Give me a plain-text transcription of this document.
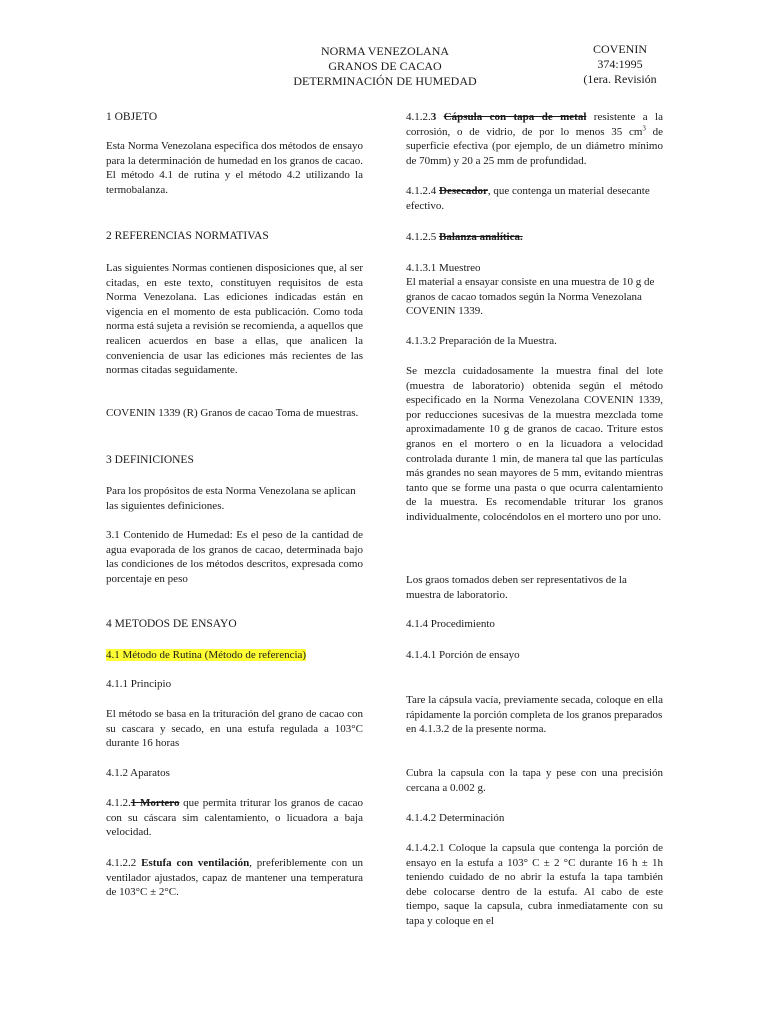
NORMA VENEZOLANA
GRANOS DE CACAO
DETERMINACIÓN DE HUMEDAD
COVENIN
374:1995
(1era. Revisión
1 OBJETO
Esta Norma Venezolana especifica dos métodos de ensayo para la determinación de humedad en los granos de cacao. El método 4.1 de rutina y el método 4.2 utilizando la termobalanza.
2 REFERENCIAS NORMATIVAS
Las siguientes Normas contienen disposiciones que, al ser citadas, en este texto, constituyen requisitos de esta Norma Venezolana. Las ediciones indicadas están en vigencia en el momento de esta publicación. Como toda norma está sujeta a revisión se recomienda, a aquellos que realicen acuerdos en base a ellas, que analicen la conveniencia de usar las ediciones más recientes de las normas citadas seguidamente.
COVENIN 1339 (R) Granos de cacao Toma de muestras.
3 DEFINICIONES
Para los propósitos de esta Norma Venezolana se aplican las siguientes definiciones.
3.1 Contenido de Humedad: Es el peso de la cantidad de agua evaporada de los granos de cacao, determinada bajo las condiciones de los métodos descritos, expresada como porcentaje en peso
4 METODOS DE ENSAYO
4.1 Método de Rutina (Método de referencia)
4.1.1 Principio
El método se basa en la trituración del grano de cacao con su cascara y secado, en una estufa regulada a 103°C durante 16 horas
4.1.2 Aparatos
4.1.2.1 Mortero que permita triturar los granos de cacao con su cáscara sim calentamiento, o licuadora a baja velocidad.
4.1.2.2 Estufa con ventilación, preferiblemente con un ventilador ajustados, capaz de mantener una temperatura de 103°C ± 2°C.
4.1.2.3 Cápsula con tapa de metal resistente a la corrosión, o de vidrio, de por lo menos 35 $cm^3$ de superficie efectiva (por ejemplo, de un diámetro mínimo de 70mm) y 20 a 25 mm de profundidad.
4.1.2.4 Desecador, que contenga un material desecante efectivo.
4.1.2.5 Balanza analítica.
4.1.3.1 Muestreo
El material a ensayar consiste en una muestra de 10 g de granos de cacao tomados según la Norma Venezolana COVENIN 1339.
4.1.3.2 Preparación de la Muestra.
Se mezcla cuidadosamente la muestra final del lote (muestra de laboratorio) obtenida según el método especificado en la Norma Venezolana COVENIN 1339, por reducciones sucesivas de la muestra mezclada tome aproximadamente 10 g de granos de cacao. Triture estos granos en el mortero o en la licuadora a velocidad controlada durante 1 min, de manera tal que las partículas más grandes no sean mayores de 5 mm, evitando mientras tanto que se forme una pasta o que ocurra calentamiento de la muestra. Es recomendable triturar los granos individualmente, colocéndolos en el mortero uno por uno.
Los graos tomados deben ser representativos de la muestra de laboratorio.
4.1.4 Procedimiento
4.1.4.1 Porción de ensayo
Tare la cápsula vacía, previamente secada, coloque en ella rápidamente la porción completa de los granos preparados
en 4.1.3.2 de la presente norma.
Cubra la capsula con la tapa y pese con una precisión cercana a 0.002 g.
4.1.4.2 Determinación
4.1.4.2.1 Coloque la capsula que contenga la porción de ensayo en la estufa a 103° C ± 2 °C durante 16 h ± 1h teniendo cuidado de no abrir la estufa la tapa también debe colocarse dentro de la estufa. Al cabo de este tiempo, saque la capsula, cubra inmediatamente con su tapa y coloque en el
